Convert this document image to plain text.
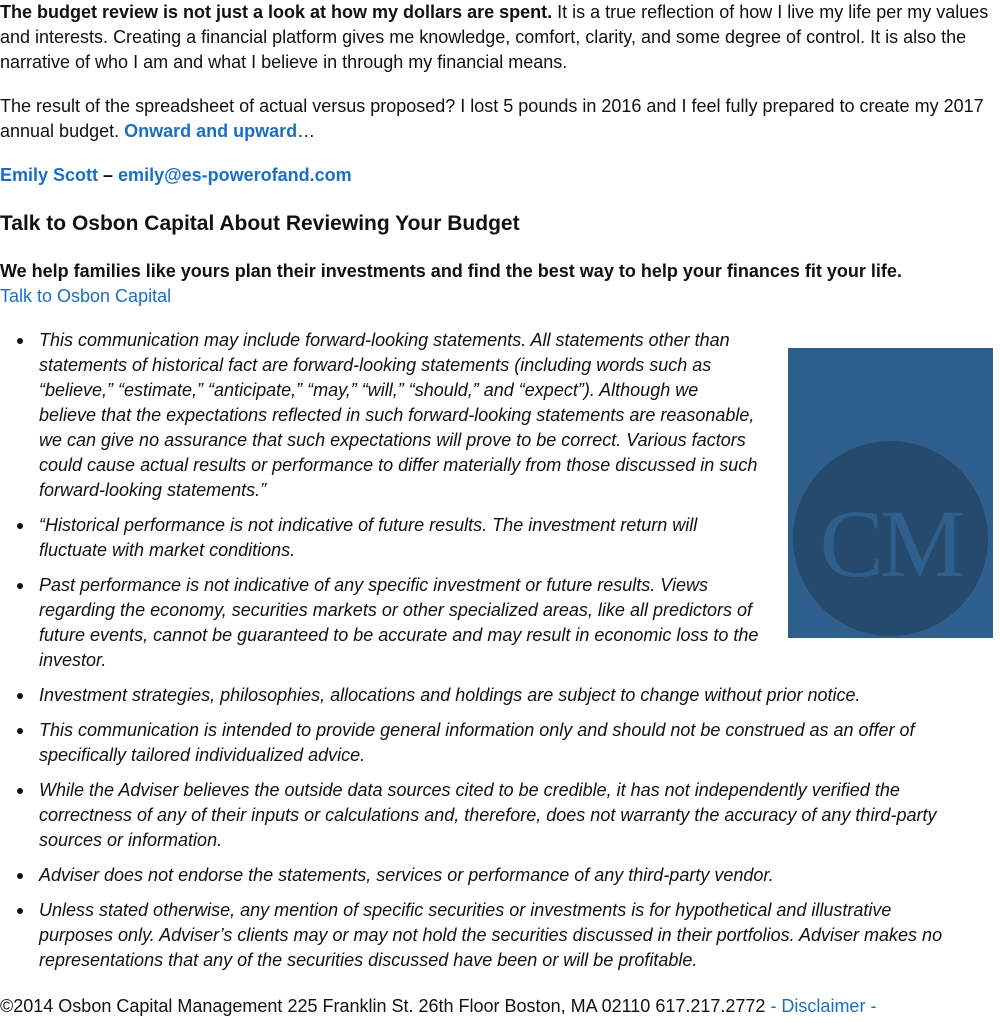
The budget review is not just a look at how my dollars are spent. It is a true reflection of how I live my life per my values and interests. Creating a financial platform gives me knowledge, comfort, clarity, and some degree of control. It is also the narrative of who I am and what I believe in through my financial means.

The result of the spreadsheet of actual versus proposed? I lost 5 pounds in 2016 and I feel fully prepared to create my 2017 annual budget. Onward and upward…

Emily Scott – emily@es-powerofand.com

Talk to Osbon Capital About Reviewing Your Budget

We help families like yours plan their investments and find the best way to help your finances fit your life.

Talk to Osbon Capital
This communication may include forward-looking statements. All statements other than statements of historical fact are forward-looking statements (including words such as “believe,” “estimate,” “anticipate,” “may,” “will,” “should,” and “expect”). Although we believe that the expectations reflected in such forward-looking statements are reasonable, we can give no assurance that such expectations will prove to be correct. Various factors could cause actual results or performance to differ materially from those discussed in such forward-looking statements.”
“Historical performance is not indicative of future results. The investment return will fluctuate with market conditions.
Past performance is not indicative of any specific investment or future results. Views regarding the economy, securities markets or other specialized areas, like all predictors of future events, cannot be guaranteed to be accurate and may result in economic loss to the investor.
Investment strategies, philosophies, allocations and holdings are subject to change without prior notice.
This communication is intended to provide general information only and should not be construed as an offer of specifically tailored individualized advice.
While the Adviser believes the outside data sources cited to be credible, it has not independently verified the correctness of any of their inputs or calculations and, therefore, does not warranty the accuracy of any third-party sources or information.
Adviser does not endorse the statements, services or performance of any third-party vendor.
Unless stated otherwise, any mention of specific securities or investments is for hypothetical and illustrative purposes only. Adviser’s clients may or may not hold the securities discussed in their portfolios. Adviser makes no representations that any of the securities discussed have been or will be profitable.
CM

©2014 Osbon Capital Management 225 Franklin St. 26th Floor Boston, MA 02110 617.217.2772 - Disclaimer -
